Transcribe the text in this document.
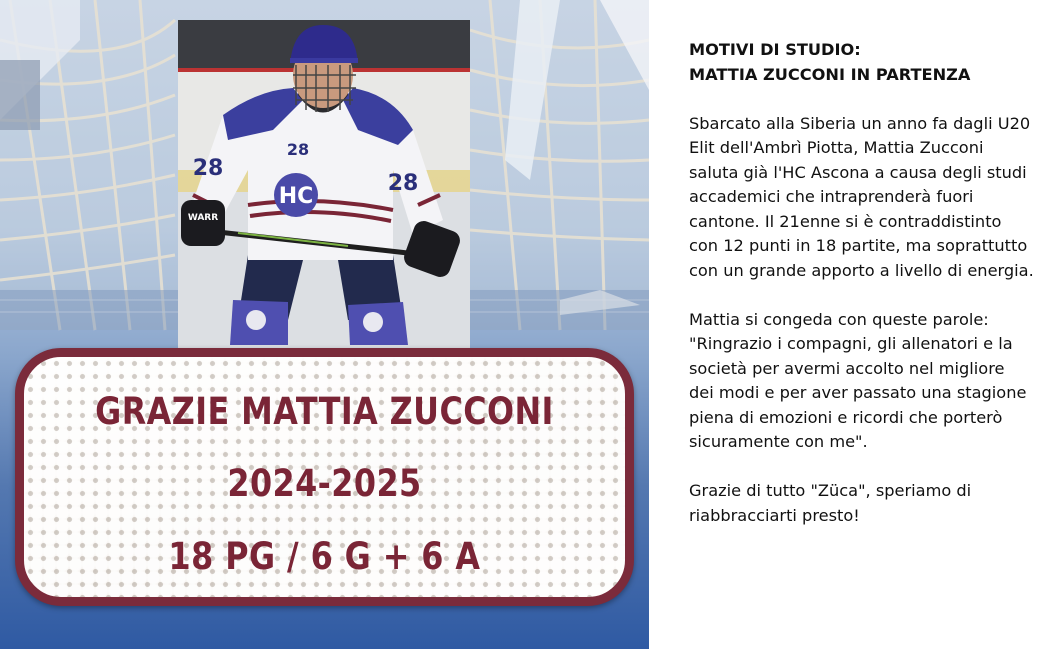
HC
28
28
28
WARR
GRAZIE MATTIA ZUCCONI
2024-2025
18 PG / 6 G + 6 A
MOTIVI DI STUDIO:
MATTIA ZUCCONI IN PARTENZA

Sbarcato alla Siberia un anno fa dagli U20 Elit dell'Ambrì Piotta, Mattia Zucconi saluta già l'HC Ascona a causa degli studi accademici che intraprenderà fuori cantone. Il 21enne si è contraddistinto con 12 punti in 18 partite, ma soprattutto con un grande apporto a livello di energia.

Mattia si congeda con queste parole: "Ringrazio i compagni, gli allenatori e la società per avermi accolto nel migliore dei modi e per aver passato una stagione piena di emozioni e ricordi che porterò sicuramente con me".

Grazie di tutto "Züca", speriamo di riabbracciarti presto!
